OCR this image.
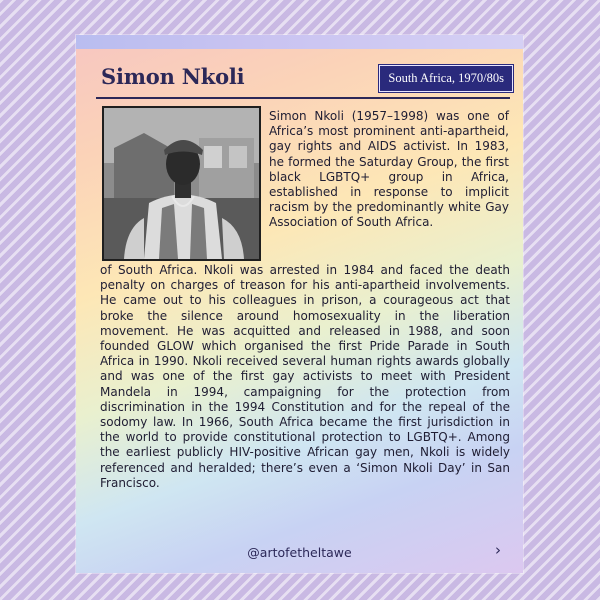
Simon Nkoli	South Africa, 1970/80s
Simon Nkoli (1957–1998) was one of Africa’s most prominent anti-apartheid, gay rights and AIDS activist. In 1983, he formed the Saturday Group, the first black LGBTQ+ group in Africa, established in response to implicit racism by the predominantly white Gay Association of South Africa.
of South Africa. Nkoli was arrested in 1984 and faced the death penalty on charges of treason for his anti-apartheid involvements. He came out to his colleagues in prison, a courageous act that broke the silence around homosexuality in the liberation movement. He was acquitted and released in 1988, and soon founded GLOW which organised the first Pride Parade in South Africa in 1990. Nkoli received several human rights awards globally and was one of the first gay activists to meet with President Mandela in 1994, campaigning for the protection from discrimination in the 1994 Constitution and for the repeal of the sodomy law. In 1966, South Africa became the first jurisdiction in the world to provide constitutional protection to LGBTQ+. Among the earliest publicly HIV-positive African gay men, Nkoli is widely referenced and heralded; there’s even a ‘Simon Nkoli Day’ in San Francisco.
@artofetheltawe	›
